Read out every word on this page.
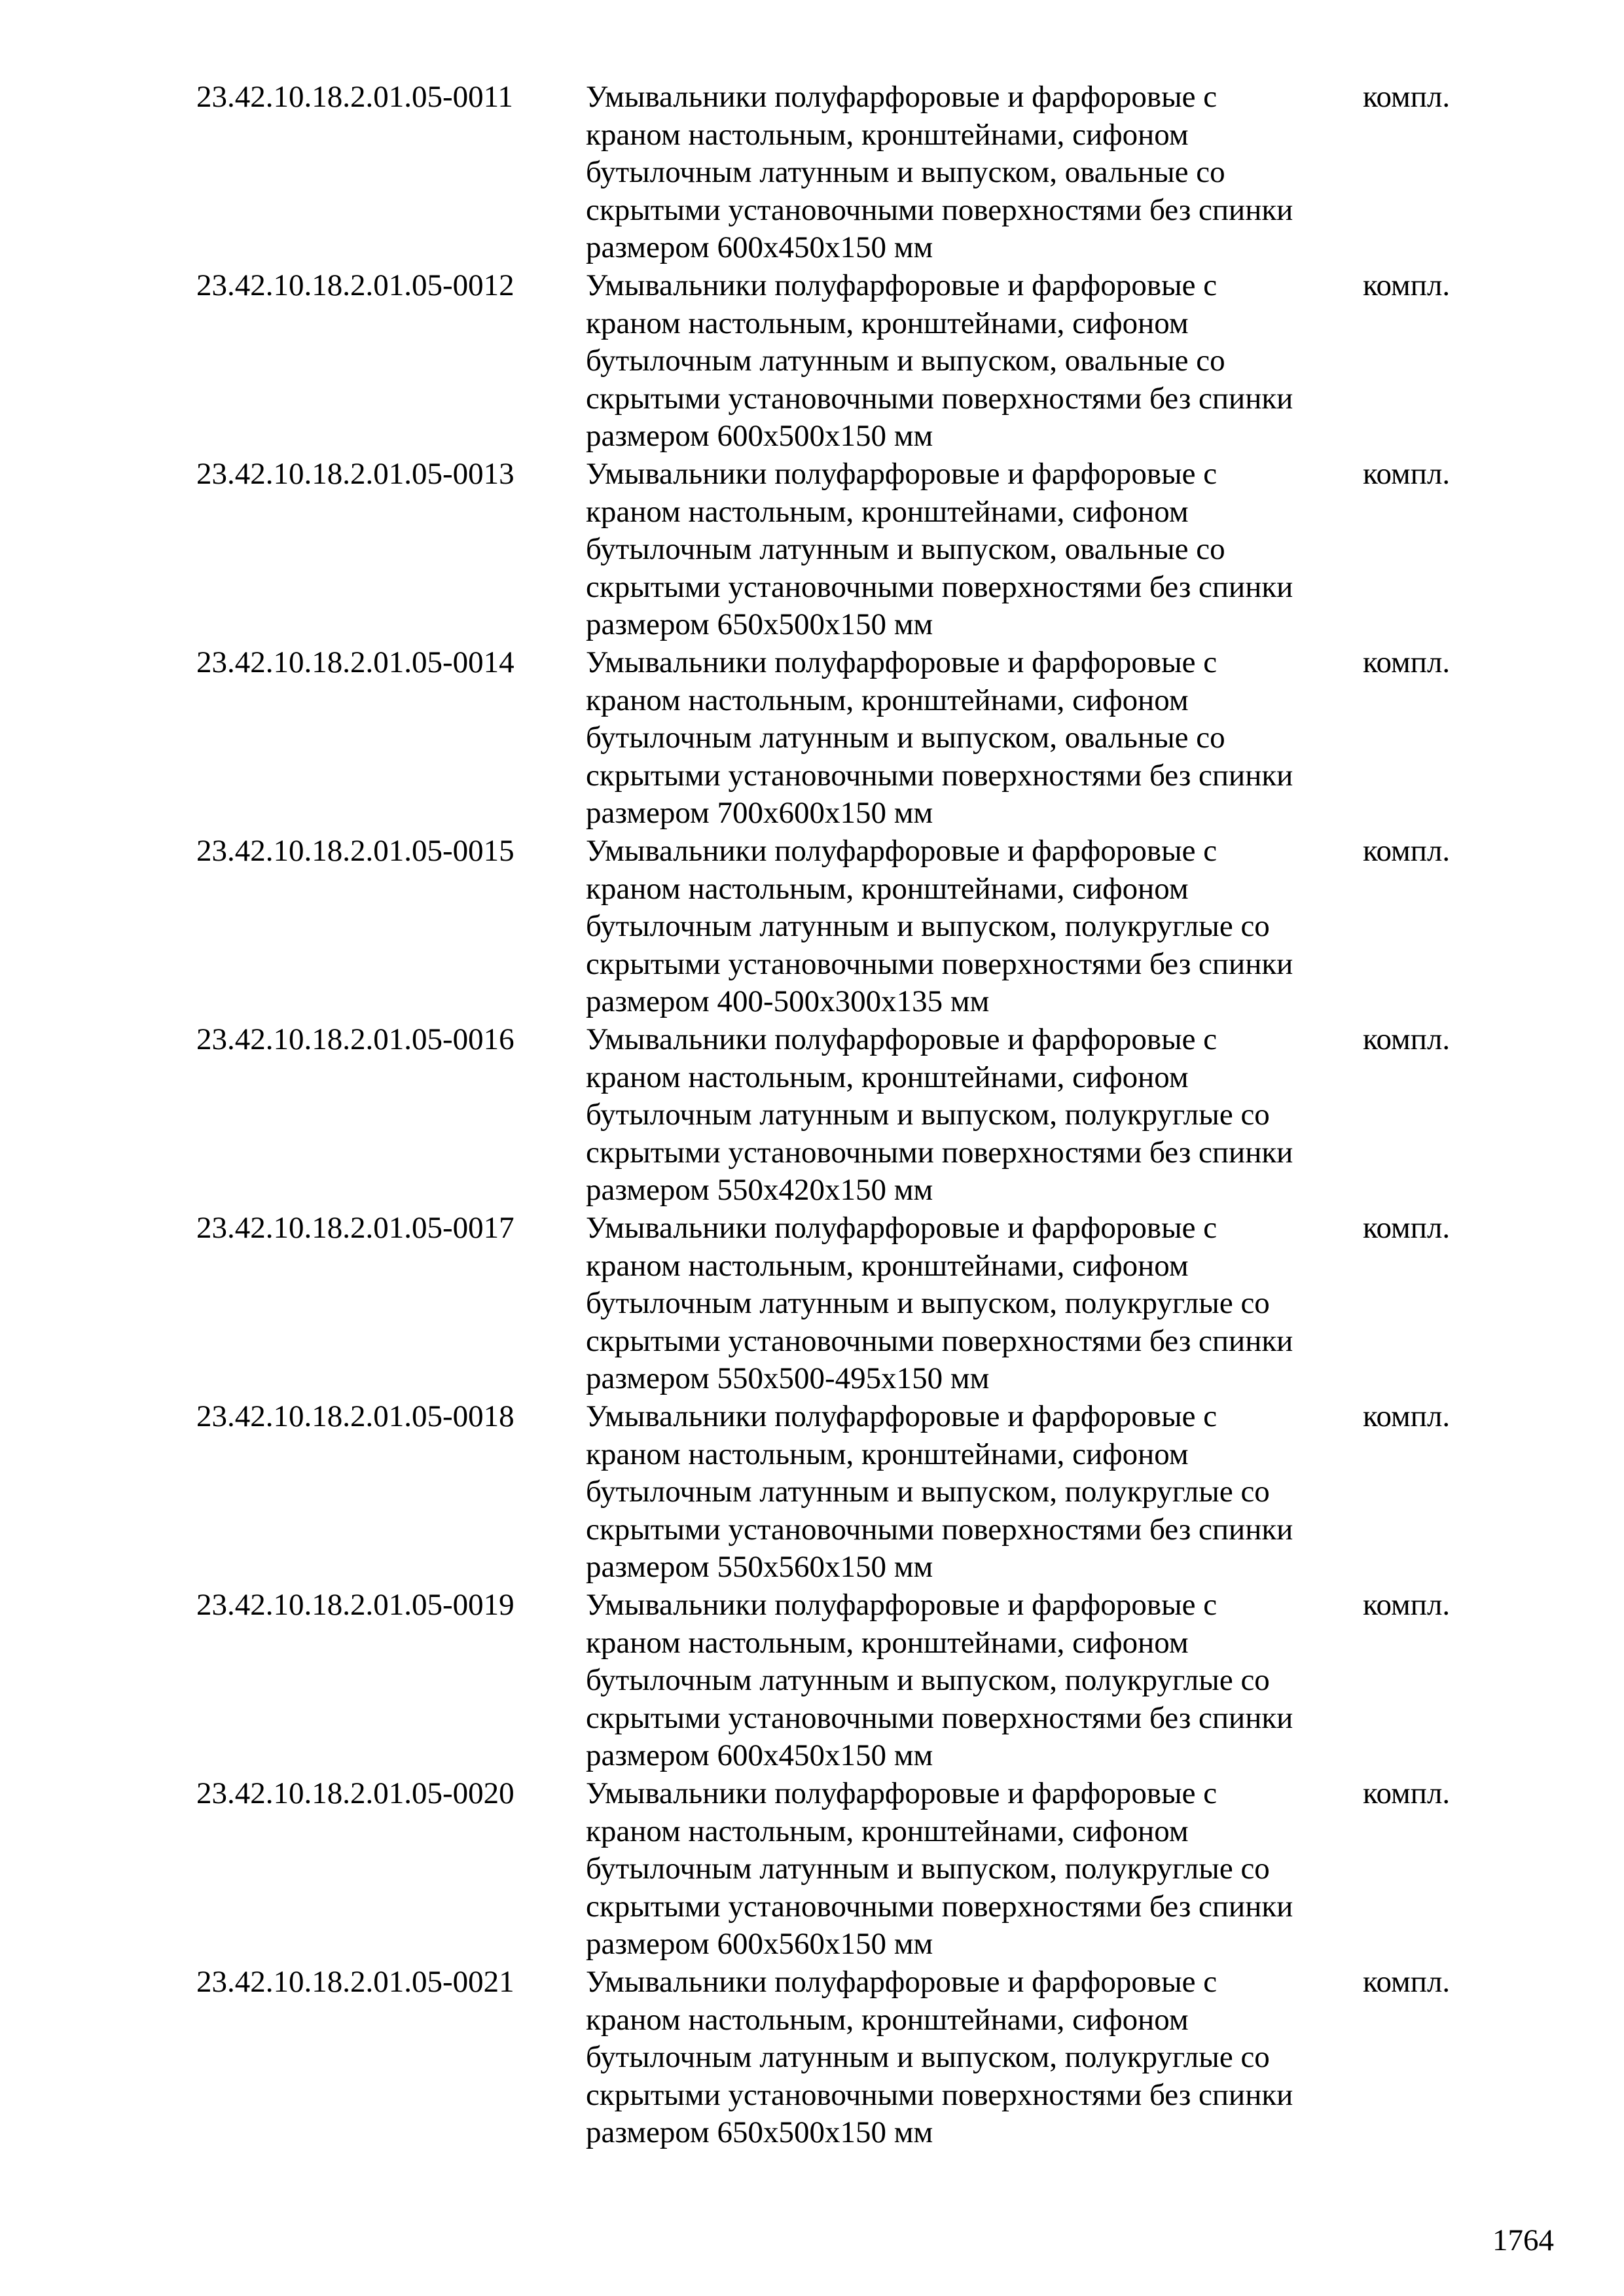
23.42.10.18.2.01.05-0011 Умывальники полуфарфоровые и фарфоровые с
краном настольным, кронштейнами, сифоном
бутылочным латунным и выпуском, овальные со
скрытыми установочными поверхностями без спинки
размером 600х450х150 мм
компл.
23.42.10.18.2.01.05-0012 Умывальники полуфарфоровые и фарфоровые с
краном настольным, кронштейнами, сифоном
бутылочным латунным и выпуском, овальные со
скрытыми установочными поверхностями без спинки
размером 600х500х150 мм
компл.
23.42.10.18.2.01.05-0013 Умывальники полуфарфоровые и фарфоровые с
краном настольным, кронштейнами, сифоном
бутылочным латунным и выпуском, овальные со
скрытыми установочными поверхностями без спинки
размером 650х500х150 мм
компл.
23.42.10.18.2.01.05-0014 Умывальники полуфарфоровые и фарфоровые с
краном настольным, кронштейнами, сифоном
бутылочным латунным и выпуском, овальные со
скрытыми установочными поверхностями без спинки
размером 700х600х150 мм
компл.
23.42.10.18.2.01.05-0015 Умывальники полуфарфоровые и фарфоровые с
краном настольным, кронштейнами, сифоном
бутылочным латунным и выпуском, полукруглые со
скрытыми установочными поверхностями без спинки
размером 400-500х300х135 мм
компл.
23.42.10.18.2.01.05-0016 Умывальники полуфарфоровые и фарфоровые с
краном настольным, кронштейнами, сифоном
бутылочным латунным и выпуском, полукруглые со
скрытыми установочными поверхностями без спинки
размером 550х420х150 мм
компл.
23.42.10.18.2.01.05-0017 Умывальники полуфарфоровые и фарфоровые с
краном настольным, кронштейнами, сифоном
бутылочным латунным и выпуском, полукруглые со
скрытыми установочными поверхностями без спинки
размером 550х500-495х150 мм
компл.
23.42.10.18.2.01.05-0018 Умывальники полуфарфоровые и фарфоровые с
краном настольным, кронштейнами, сифоном
бутылочным латунным и выпуском, полукруглые со
скрытыми установочными поверхностями без спинки
размером 550х560х150 мм
компл.
23.42.10.18.2.01.05-0019 Умывальники полуфарфоровые и фарфоровые с
краном настольным, кронштейнами, сифоном
бутылочным латунным и выпуском, полукруглые со
скрытыми установочными поверхностями без спинки
размером 600х450х150 мм
компл.
23.42.10.18.2.01.05-0020 Умывальники полуфарфоровые и фарфоровые с
краном настольным, кронштейнами, сифоном
бутылочным латунным и выпуском, полукруглые со
скрытыми установочными поверхностями без спинки
размером 600х560х150 мм
компл.
23.42.10.18.2.01.05-0021 Умывальники полуфарфоровые и фарфоровые с
краном настольным, кронштейнами, сифоном
бутылочным латунным и выпуском, полукруглые со
скрытыми установочными поверхностями без спинки
размером 650х500х150 мм
компл.
1764
